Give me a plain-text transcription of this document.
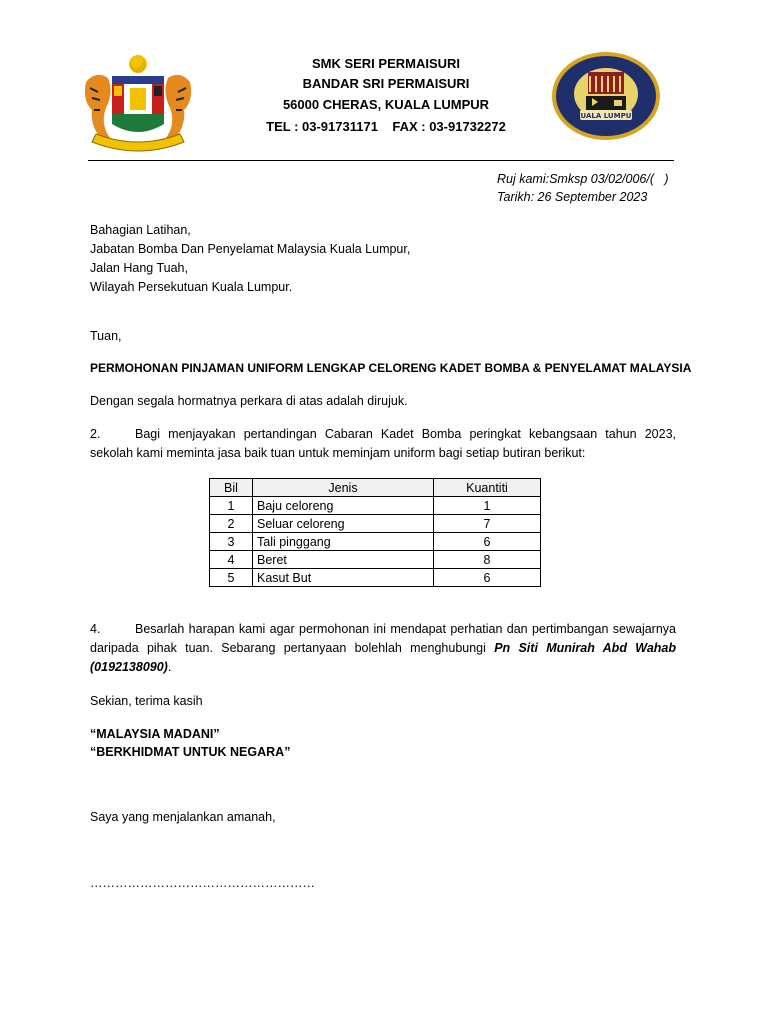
SMK SERI PERMAISURI
BANDAR SRI PERMAISURI
56000 CHERAS, KUALA LUMPUR
TEL : 03-91731171    FAX : 03-91732272
KUALA LUMPUR
Ruj kami:Smksp 03/02/006/(   )
Tarikh: 26 September 2023
Bahagian Latihan,
Jabatan Bomba Dan Penyelamat Malaysia Kuala Lumpur,
Jalan Hang Tuah,
Wilayah Persekutuan Kuala Lumpur.
Tuan,
PERMOHONAN PINJAMAN UNIFORM LENGKAP CELORENG KADET BOMBA & PENYELAMAT MALAYSIA
Dengan segala hormatnya perkara di atas adalah dirujuk.
2.	Bagi menjayakan pertandingan Cabaran Kadet Bomba peringkat kebangsaan tahun 2023, sekolah kami meminta jasa baik tuan untuk meminjam uniform bagi setiap butiran berikut:
Bil	Jenis	Kuantiti
1	Baju celoreng	1
2	Seluar celoreng	7
3	Tali pinggang	6
4	Beret	8
5	Kasut But	6
4.	Besarlah harapan kami agar permohonan ini mendapat perhatian dan pertimbangan sewajarnya daripada pihak tuan. Sebarang pertanyaan bolehlah menghubungi Pn Siti Munirah Abd Wahab (0192138090).
Sekian, terima kasih
“MALAYSIA MADANI”
“BERKHIDMAT UNTUK NEGARA”
Saya yang menjalankan amanah,
………………………………………………
